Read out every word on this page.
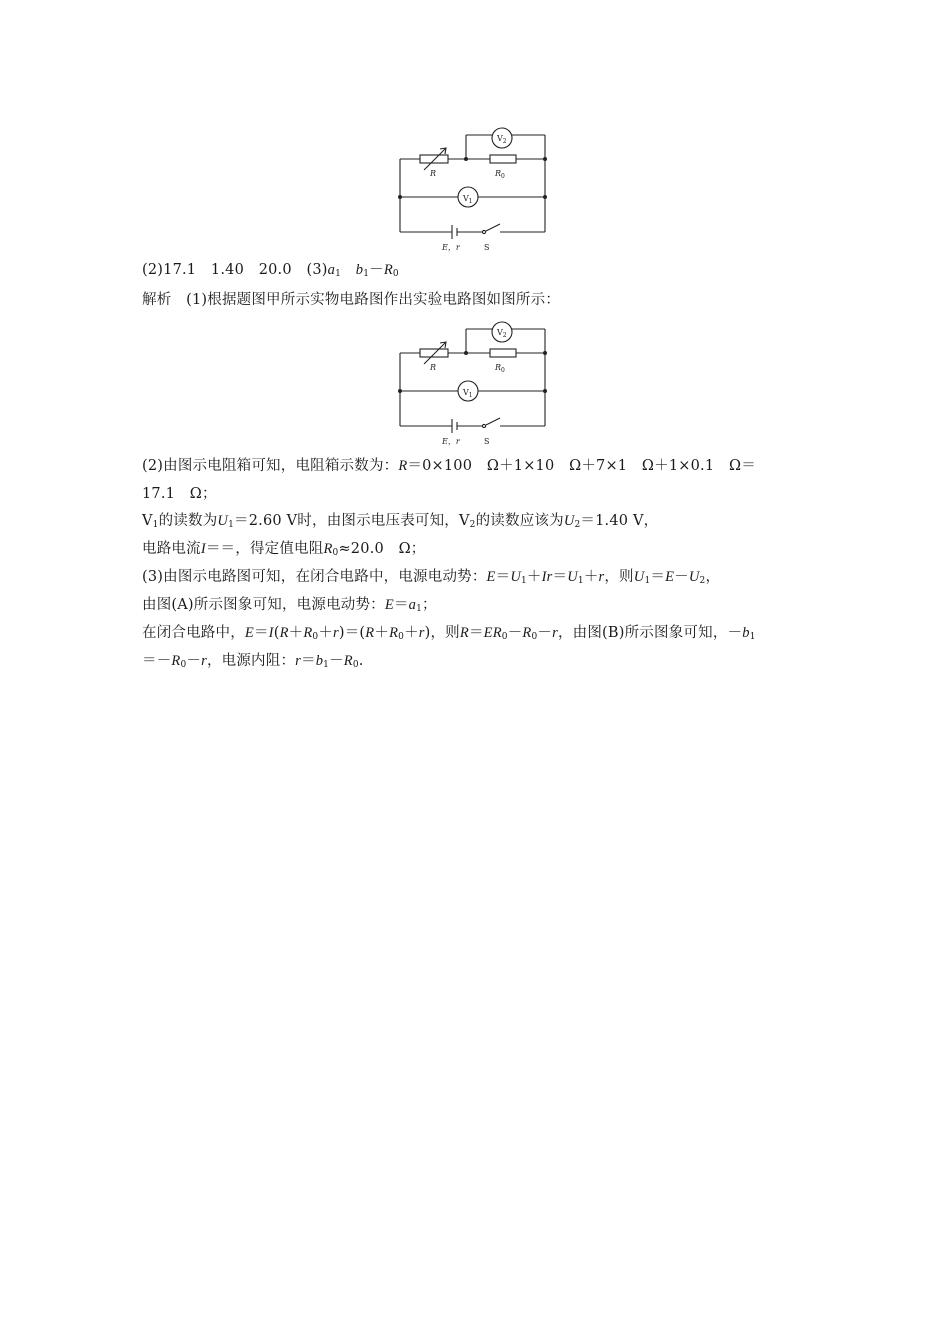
$V_2$
R	$R_0$
$V_1$
E，r	S
(2)17.1　1.40　20.0　 $(3)a_1$　 $b_1-R_0$
解析　(1)根据题图甲所示实物电路图作出实验电路图如图所示：
$V_2$
R	$R_0$
$V_1$
E，r	S
(2)由图示电阻箱可知，电阻箱示数为：R＝0×100　Ω＋1×10　Ω＋7×1　Ω＋1×0.1　Ω＝
17.1　Ω；
$V_1$的读数为$U_1=2.60$ V时，由图示电压表可知，$V_2$的读数应该为$U_2=1.40$ V，
电路电流I＝＝，得定值电阻$R_0\approx 20.0$　Ω；
(3)由图示电路图可知，在闭合电路中，电源电动势：$E=U_1+Ir=U_1+r$，则$U_1=E-U_2$，
由图(A)所示图象可知，电源电动势：$E=a_1$；
在闭合电路中，$E=I(R+R_0+r)=(R+R_0+r)$，则$R=ER_0-R_0-r$，由图(B)所示图象可知，$-b_1$
$=-R_0-r$，电源内阻：$r=b_1-R_0$.
